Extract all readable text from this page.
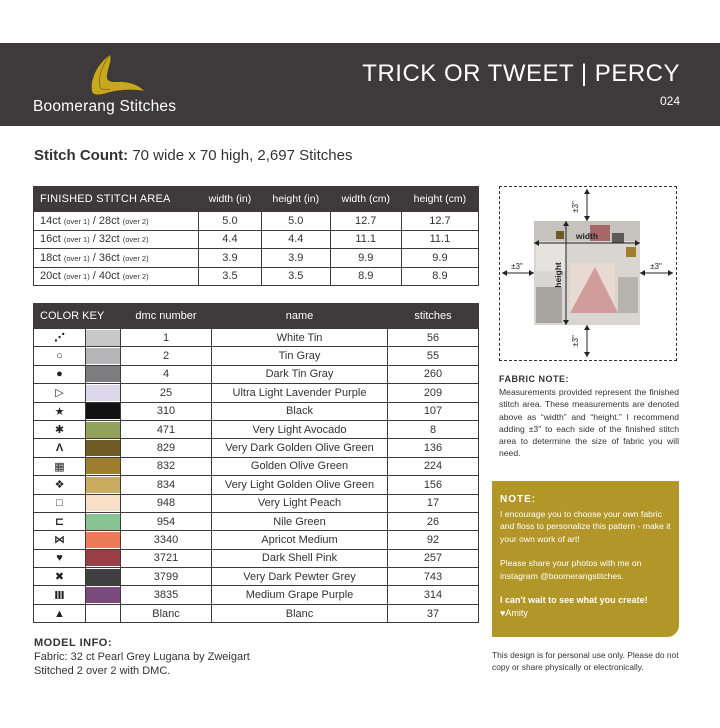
Boomerang Stitches
TRICK OR TWEET | PERCY
024
Stitch Count: 70 wide x 70 high, 2,697 Stitches
FINISHED STITCH AREA	width (in)	height (in)	width (cm)	height (cm)
14ct (over 1) / 28ct (over 2)	5.0	5.0	12.7	12.7
16ct (over 1) / 32ct (over 2)	4.4	4.4	11.1	11.1
18ct (over 1) / 36ct (over 2)	3.9	3.9	9.9	9.9
20ct (over 1) / 40ct (over 2)	3.5	3.5	8.9	8.9
COLOR KEY		dmc number	name	stitches
⋰		1	White Tin	56
○		2	Tin Gray	55
●		4	Dark Tin Gray	260
▷		25	Ultra Light Lavender Purple	209
★		310	Black	107
✱		471	Very Light Avocado	8
Λ		829	Very Dark Golden Olive Green	136
▦		832	Golden Olive Green	224
❖		834	Very Light Golden Olive Green	156
□		948	Very Light Peach	17
⊏		954	Nile Green	26
⋈		3340	Apricot Medium	92
♥		3721	Dark Shell Pink	257
✖		3799	Very Dark Pewter Grey	743
Ⅲ		3835	Medium Grape Purple	314
▲		Blanc	Blanc	37
±3"
±3"
±3"	±3"
width
height
FABRIC NOTE:

Measurements provided represent the finished stitch area. These measurements are denoted above as “width” and “height.” I recommend adding ±3" to each side of the finished stitch area to determine the size of fabric you will need.

NOTE:

I encourage you to choose your own fabric and floss to personalize this pattern - make it your own work of art!

Please share your photos with me on instagram @boomerangstitches.

I can't wait to see what you create!

♥Amity
This design is for personal use only. Please do not copy or share physically or electronically.
MODEL INFO:
Fabric: 32 ct Pearl Grey Lugana by Zweigart
Stitched 2 over 2 with DMC.
